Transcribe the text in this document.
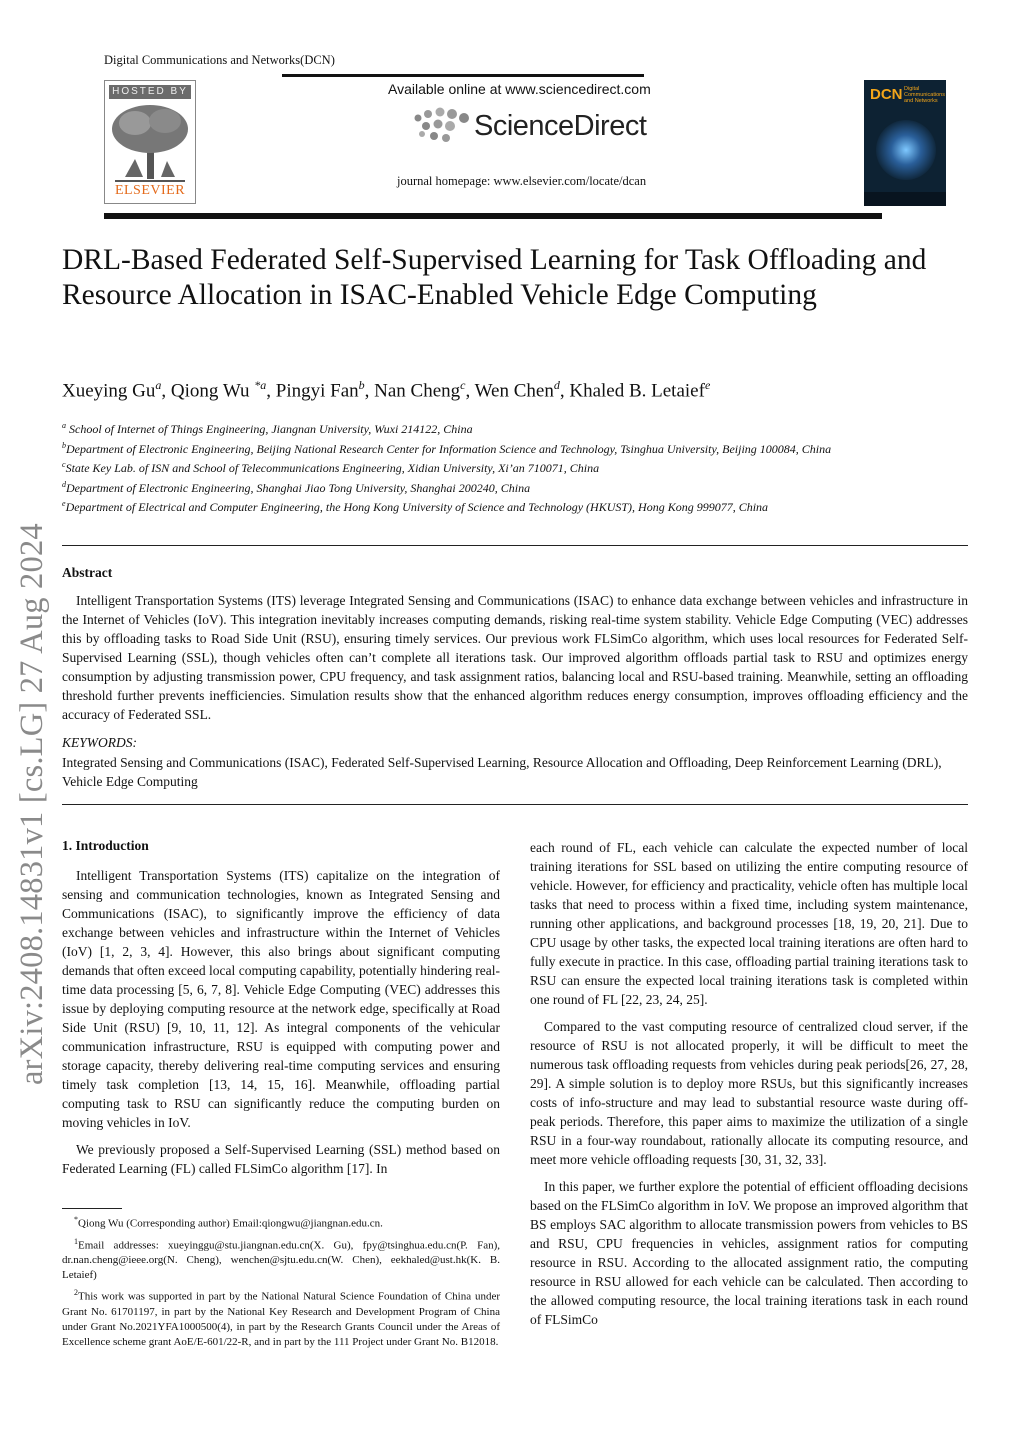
Digital Communications and Networks(DCN)
HOSTED BY
ELSEVIER
Available online at www.sciencedirect.com
ScienceDirect
journal homepage: www.elsevier.com/locate/dcan
DCN Digital Communications and Networks
arXiv:2408.14831v1 [cs.LG] 27 Aug 2024
DRL-Based Federated Self-Supervised Learning for Task Offloading and Resource Allocation in ISAC-Enabled Vehicle Edge Computing
Xueying Gu$^a$, Qiong Wu $^{*a}$, Pingyi Fan$^b$, Nan Cheng$^c$, Wen Chen$^d$, Khaled B. Letaief$^e$
$^a$ School of Internet of Things Engineering, Jiangnan University, Wuxi 214122, China
$^b$Department of Electronic Engineering, Beijing National Research Center for Information Science and Technology, Tsinghua University, Beijing 100084, China
$^c$State Key Lab. of ISN and School of Telecommunications Engineering, Xidian University, Xi’an 710071, China
$^d$Department of Electronic Engineering, Shanghai Jiao Tong University, Shanghai 200240, China
$^e$Department of Electrical and Computer Engineering, the Hong Kong University of Science and Technology (HKUST), Hong Kong 999077, China
Abstract
Intelligent Transportation Systems (ITS) leverage Integrated Sensing and Communications (ISAC) to enhance data exchange between vehicles and infrastructure in the Internet of Vehicles (IoV). This integration inevitably increases computing demands, risking real-time system stability. Vehicle Edge Computing (VEC) addresses this by offloading tasks to Road Side Unit (RSU), ensuring timely services. Our previous work FLSimCo algorithm, which uses local resources for Federated Self-Supervised Learning (SSL), though vehicles often can’t complete all iterations task. Our improved algorithm offloads partial task to RSU and optimizes energy consumption by adjusting transmission power, CPU frequency, and task assignment ratios, balancing local and RSU-based training. Meanwhile, setting an offloading threshold further prevents inefficiencies. Simulation results show that the enhanced algorithm reduces energy consumption, improves offloading efficiency and the accuracy of Federated SSL.
KEYWORDS:
Integrated Sensing and Communications (ISAC), Federated Self-Supervised Learning, Resource Allocation and Offloading, Deep Reinforcement Learning (DRL), Vehicle Edge Computing
1. Introduction

Intelligent Transportation Systems (ITS) capitalize on the integration of sensing and communication technologies, known as Integrated Sensing and Communications (ISAC), to significantly improve the efficiency of data exchange between vehicles and infrastructure within the Internet of Vehicles (IoV) [1, 2, 3, 4]. However, this also brings about significant computing demands that often exceed local computing capability, potentially hindering real-time data processing [5, 6, 7, 8]. Vehicle Edge Computing (VEC) addresses this issue by deploying computing resource at the network edge, specifically at Road Side Unit (RSU) [9, 10, 11, 12]. As integral components of the vehicular communication infrastructure, RSU is equipped with computing power and storage capacity, thereby delivering real-time computing services and ensuring timely task completion [13, 14, 15, 16]. Meanwhile, offloading partial computing task to RSU can significantly reduce the computing burden on moving vehicles in IoV.

We previously proposed a Self-Supervised Learning (SSL) method based on Federated Learning (FL) called FLSimCo algorithm [17]. In

each round of FL, each vehicle can calculate the expected number of local training iterations for SSL based on utilizing the entire computing resource of vehicle. However, for efficiency and practicality, vehicle often has multiple local tasks that need to process within a fixed time, including system maintenance, running other applications, and background processes [18, 19, 20, 21]. Due to CPU usage by other tasks, the expected local training iterations are often hard to fully execute in practice. In this case, offloading partial training iterations task to RSU can ensure the expected local training iterations task is completed within one round of FL [22, 23, 24, 25].

Compared to the vast computing resource of centralized cloud server, if the resource of RSU is not allocated properly, it will be difficult to meet the numerous task offloading requests from vehicles during peak periods[26, 27, 28, 29]. A simple solution is to deploy more RSUs, but this significantly increases costs of info-structure and may lead to substantial resource waste during off-peak periods. Therefore, this paper aims to maximize the utilization of a single RSU in a four-way roundabout, rationally allocate its computing resource, and meet more vehicle offloading requests [30, 31, 32, 33].

In this paper, we further explore the potential of efficient offloading decisions based on the FLSimCo algorithm in IoV. We propose an improved algorithm that BS employs SAC algorithm to allocate transmission powers from vehicles to BS and RSU, CPU frequencies in vehicles, assignment ratios for computing resource in RSU. According to the allocated assignment ratio, the computing resource in RSU allowed for each vehicle can be calculated. Then according to the allowed computing resource, the local training iterations task in each round of FLSimCo

*Qiong Wu (Corresponding author) Email:qiongwu@jiangnan.edu.cn.

$^1$Email addresses: xueyinggu@stu.jiangnan.edu.cn(X. Gu), fpy@tsinghua.edu.cn(P. Fan), dr.nan.cheng@ieee.org(N. Cheng), wenchen@sjtu.edu.cn(W. Chen), eekhaled@ust.hk(K. B. Letaief)

$^2$This work was supported in part by the National Natural Science Foundation of China under Grant No. 61701197, in part by the National Key Research and Development Program of China under Grant No.2021YFA1000500(4), in part by the Research Grants Council under the Areas of Excellence scheme grant AoE/E-601/22-R, and in part by the 111 Project under Grant No. B12018.
